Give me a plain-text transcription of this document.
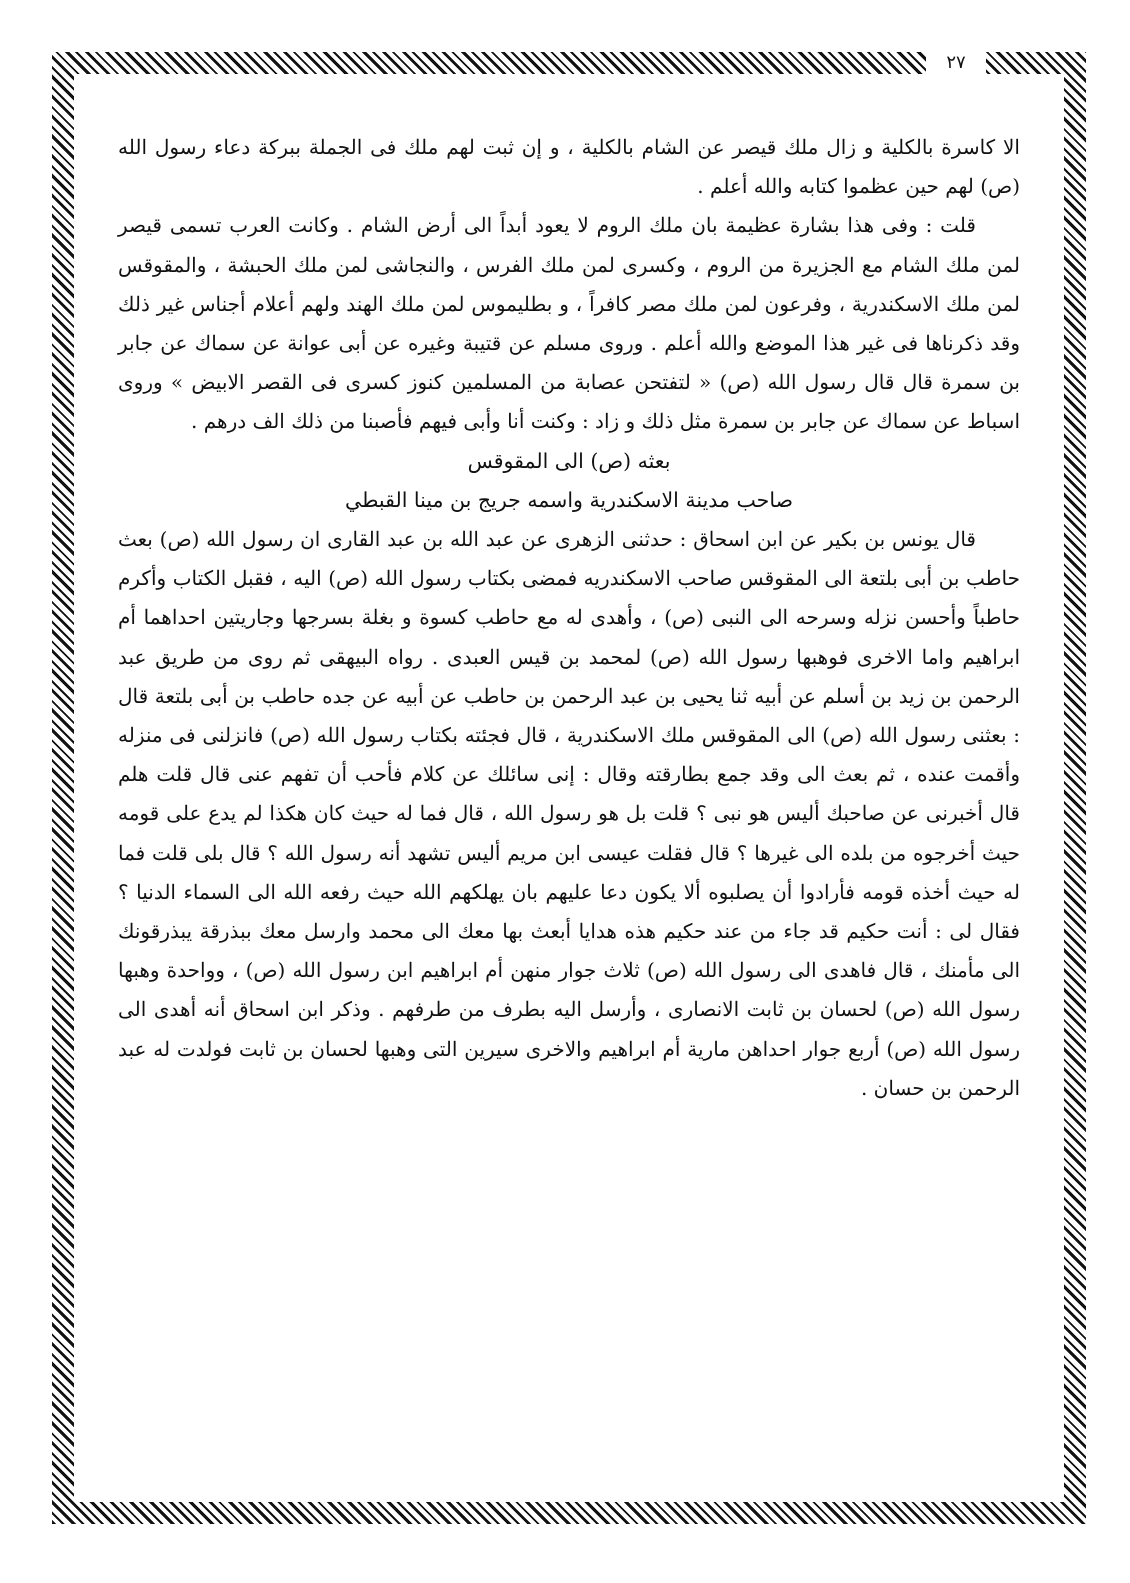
٢٧

الا كاسرة بالكلية و زال ملك قيصر عن الشام بالكلية ، و إن ثبت لهم ملك فى الجملة ببركة دعاء رسول الله (ص) لهم حين عظموا كتابه والله أعلم .

قلت : وفى هذا بشارة عظيمة بان ملك الروم لا يعود أبداً الى أرض الشام . وكانت العرب تسمى قيصر لمن ملك الشام مع الجزيرة من الروم ، وكسرى لمن ملك الفرس ، والنجاشى لمن ملك الحبشة ، والمقوقس لمن ملك الاسكندرية ، وفرعون لمن ملك مصر كافراً ، و بطليموس لمن ملك الهند ولهم أعلام أجناس غير ذلك وقد ذكرناها فى غير هذا الموضع والله أعلم . وروى مسلم عن قتيبة وغيره عن أبى عوانة عن سماك عن جابر بن سمرة قال قال رسول الله (ص) « لتفتحن عصابة من المسلمين كنوز كسرى فى القصر الابيض » وروى اسباط عن سماك عن جابر بن سمرة مثل ذلك و زاد : وكنت أنا وأبى فيهم فأصبنا من ذلك الف درهم .

بعثه (ص) الى المقوقس

صاحب مدينة الاسكندرية واسمه جريج بن مينا القبطي

قال يونس بن بكير عن ابن اسحاق : حدثنى الزهرى عن عبد الله بن عبد القارى ان رسول الله (ص) بعث حاطب بن أبى بلتعة الى المقوقس صاحب الاسكندريه فمضى بكتاب رسول الله (ص) اليه ، فقبل الكتاب وأكرم حاطباً وأحسن نزله وسرحه الى النبى (ص) ، وأهدى له مع حاطب كسوة و بغلة بسرجها وجاريتين احداهما أم ابراهيم واما الاخرى فوهبها رسول الله (ص) لمحمد بن قيس العبدى . رواه البيهقى ثم روى من طريق عبد الرحمن بن زيد بن أسلم عن أبيه ثنا يحيى بن عبد الرحمن بن حاطب عن أبيه عن جده حاطب بن أبى بلتعة قال : بعثنى رسول الله (ص) الى المقوقس ملك الاسكندرية ، قال فجئته بكتاب رسول الله (ص) فانزلنى فى منزله وأقمت عنده ، ثم بعث الى وقد جمع بطارقته وقال : إنى سائلك عن كلام فأحب أن تفهم عنى قال قلت هلم قال أخبرنى عن صاحبك أليس هو نبى ؟ قلت بل هو رسول الله ، قال فما له حيث كان هكذا لم يدع على قومه حيث أخرجوه من بلده الى غيرها ؟ قال فقلت عيسى ابن مريم أليس تشهد أنه رسول الله ؟ قال بلى قلت فما له حيث أخذه قومه فأرادوا أن يصلبوه ألا يكون دعا عليهم بان يهلكهم الله حيث رفعه الله الى السماء الدنيا ؟ فقال لى : أنت حكيم قد جاء من عند حكيم هذه هدايا أبعث بها معك الى محمد وارسل معك ببذرقة يبذرقونك الى مأمنك ، قال فاهدى الى رسول الله (ص) ثلاث جوار منهن أم ابراهيم ابن رسول الله (ص) ، وواحدة وهبها رسول الله (ص) لحسان بن ثابت الانصارى ، وأرسل اليه بطرف من طرفهم . وذكر ابن اسحاق أنه أهدى الى رسول الله (ص) أربع جوار احداهن مارية أم ابراهيم والاخرى سيرين التى وهبها لحسان بن ثابت فولدت له عبد الرحمن بن حسان .
